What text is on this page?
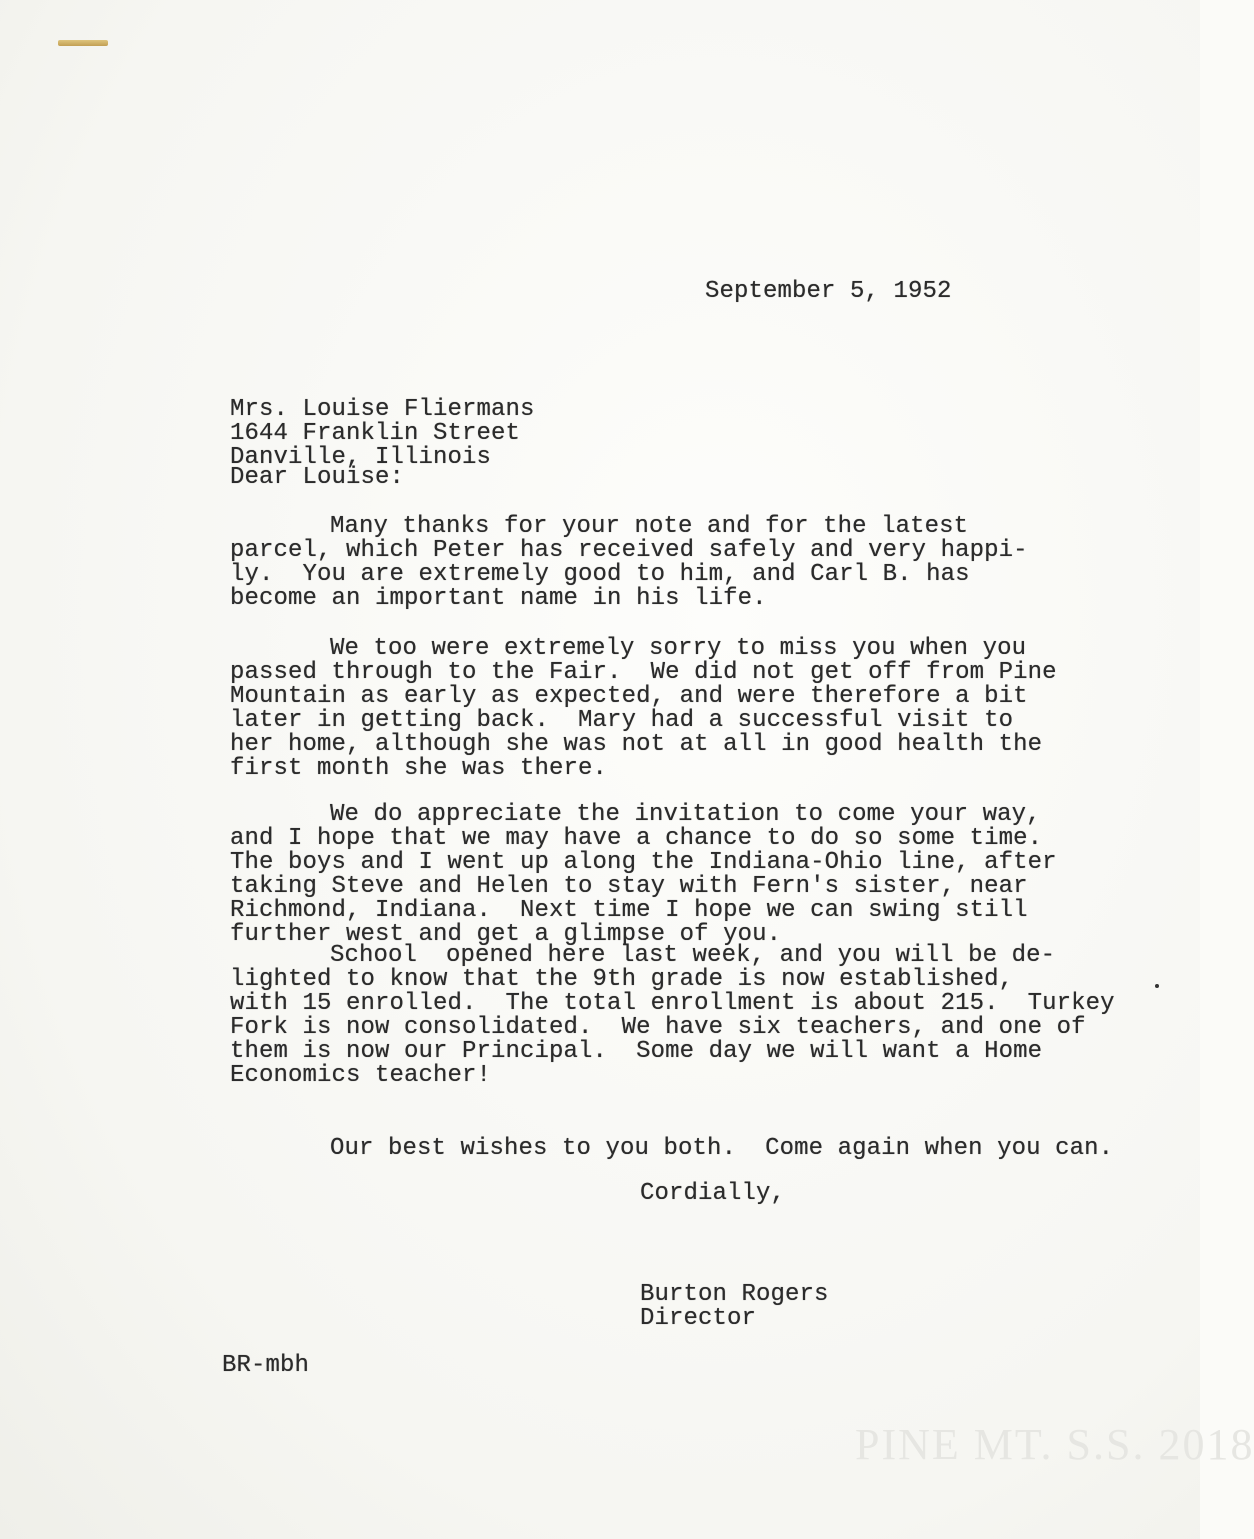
PINE MT. S.S. 2018
September 5, 1952
Mrs. Louise Fliermans
1644 Franklin Street
Danville, Illinois
Dear Louise:
Many thanks for your note and for the latest
parcel, which Peter has received safely and very happi-
ly.  You are extremely good to him, and Carl B. has
become an important name in his life.
We too were extremely sorry to miss you when you
passed through to the Fair.  We did not get off from Pine
Mountain as early as expected, and were therefore a bit
later in getting back.  Mary had a successful visit to
her home, although she was not at all in good health the
first month she was there.
We do appreciate the invitation to come your way,
and I hope that we may have a chance to do so some time.
The boys and I went up along the Indiana-Ohio line, after
taking Steve and Helen to stay with Fern's sister, near
Richmond, Indiana.  Next time I hope we can swing still
further west and get a glimpse of you.
School  opened here last week, and you will be de-
lighted to know that the 9th grade is now established,
with 15 enrolled.  The total enrollment is about 215.  Turkey
Fork is now consolidated.  We have six teachers, and one of
them is now our Principal.  Some day we will want a Home
Economics teacher!
Our best wishes to you both.  Come again when you can.
Cordially,
Burton Rogers
Director
BR-mbh
